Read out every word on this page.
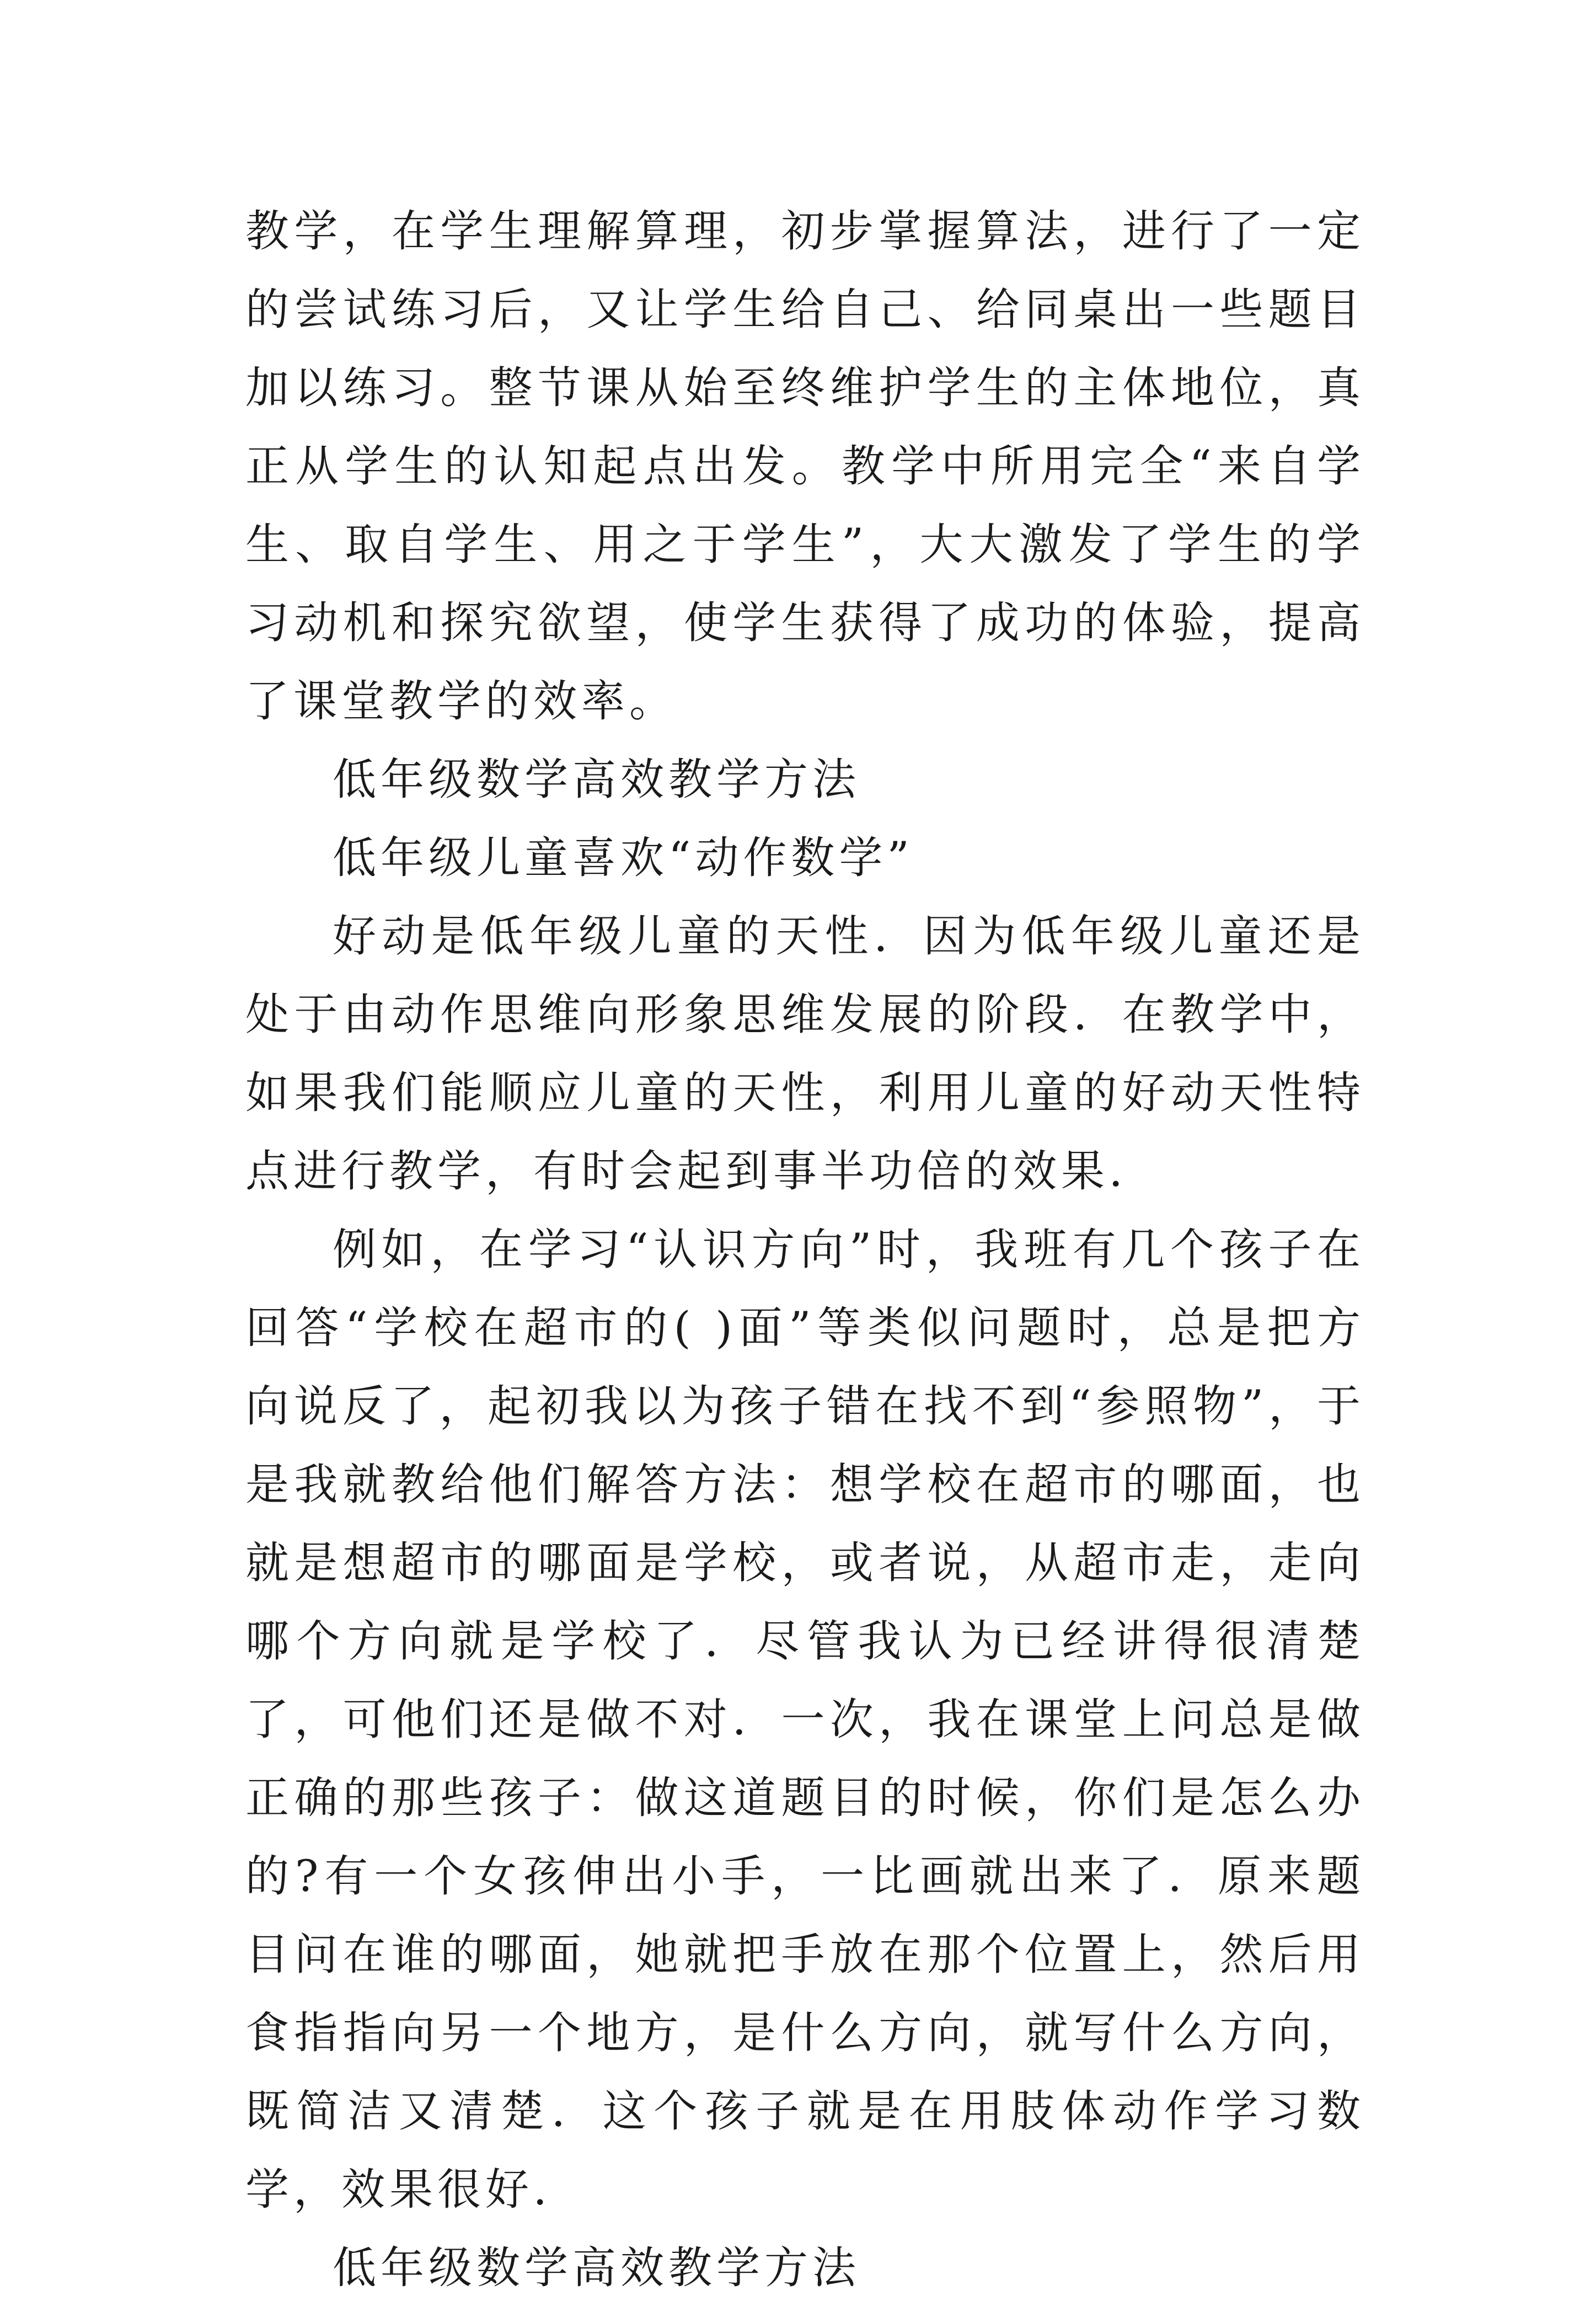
教学，在学生理解算理，初步掌握算法，进行了一定的尝试练习后，又让学生给自己、给同桌出一些题目加以练习。整节课从始至终维护学生的主体地位，真正从学生的认知起点出发。教学中所用完全“来自学生、取自学生、用之于学生”，大大激发了学生的学习动机和探究欲望，使学生获得了成功的体验，提高了课堂教学的效率。

低年级数学高效教学方法

低年级儿童喜欢“动作数学”

好动是低年级儿童的天性．因为低年级儿童还是处于由动作思维向形象思维发展的阶段．在教学中，如果我们能顺应儿童的天性，利用儿童的好动天性特点进行教学，有时会起到事半功倍的效果．

例如，在学习“认识方向”时，我班有几个孩子在回答“学校在超市的( )面”等类似问题时，总是把方向说反了，起初我以为孩子错在找不到“参照物”，于是我就教给他们解答方法：想学校在超市的哪面，也就是想超市的哪面是学校，或者说，从超市走，走向哪个方向就是学校了．尽管我认为已经讲得很清楚了，可他们还是做不对．一次，我在课堂上问总是做正确的那些孩子：做这道题目的时候，你们是怎么办的?有一个女孩伸出小手，一比画就出来了．原来题目问在谁的哪面，她就把手放在那个位置上，然后用食指指向另一个地方，是什么方向，就写什么方向，既简洁又清楚．这个孩子就是在用肢体动作学习数学，效果很好．

低年级数学高效教学方法
